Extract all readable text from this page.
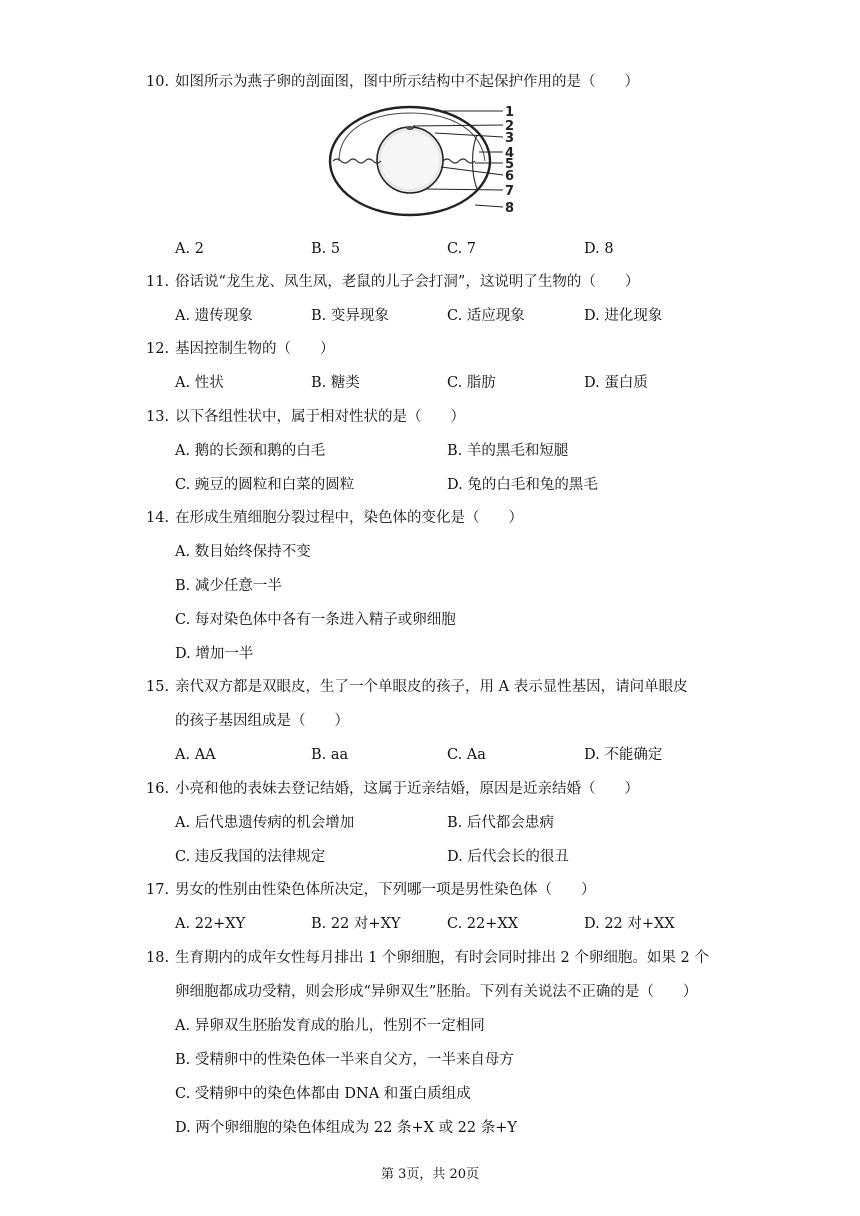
10. 如图所示为燕子卵的剖面图，图中所示结构中不起保护作用的是（　　）
1
2
3
4
5
6
7
8
A. 2	B. 5	C. 7	D. 8
11. 俗话说“龙生龙、凤生凤，老鼠的儿子会打洞”，这说明了生物的（　　）
A. 遗传现象	B. 变异现象	C. 适应现象	D. 进化现象
12. 基因控制生物的（　　）
A. 性状	B. 糖类	C. 脂肪	D. 蛋白质
13. 以下各组性状中，属于相对性状的是（　　）
A. 鹅的长颈和鹅的白毛	B. 羊的黑毛和短腿
C. 豌豆的圆粒和白菜的圆粒	D. 兔的白毛和兔的黑毛
14. 在形成生殖细胞分裂过程中，染色体的变化是（　　）
A. 数目始终保持不变
B. 减少任意一半
C. 每对染色体中各有一条进入精子或卵细胞
D. 增加一半
15. 亲代双方都是双眼皮，生了一个单眼皮的孩子，用 A 表示显性基因，请问单眼皮
的孩子基因组成是（　　）
A. AA	B. aa	C. Aa	D. 不能确定
16. 小亮和他的表妹去登记结婚，这属于近亲结婚，原因是近亲结婚（　　）
A. 后代患遗传病的机会增加	B. 后代都会患病
C. 违反我国的法律规定	D. 后代会长的很丑
17. 男女的性别由性染色体所决定，下列哪一项是男性染色体（　　）
A. 22+XY	B. 22 对+XY	C. 22+XX	D. 22 对+XX
18. 生育期内的成年女性每月排出 1 个卵细胞，有时会同时排出 2 个卵细胞。如果 2 个
卵细胞都成功受精，则会形成“异卵双生”胚胎。下列有关说法不正确的是（　　）
A. 异卵双生胚胎发育成的胎儿，性别不一定相同
B. 受精卵中的性染色体一半来自父方，一半来自母方
C. 受精卵中的染色体都由 DNA 和蛋白质组成
D. 两个卵细胞的染色体组成为 22 条+X 或 22 条+Y
第 3页，共 20页
